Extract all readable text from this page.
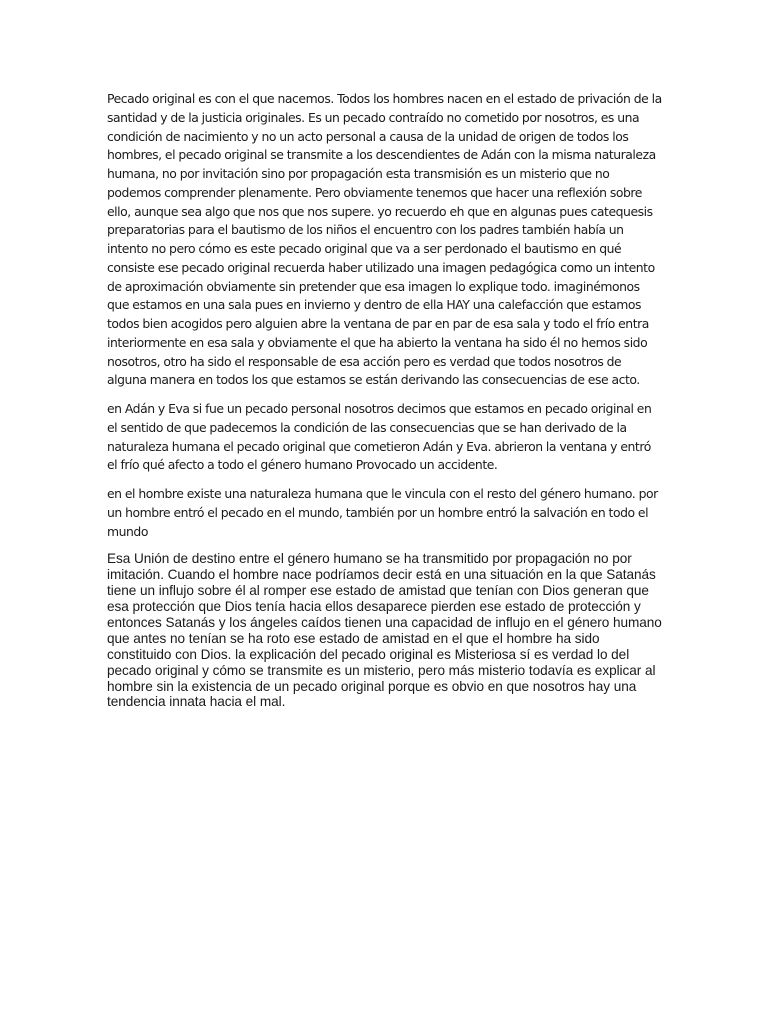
Pecado original es con el que nacemos. Todos los hombres nacen en el estado de privación de la santidad y de la justicia originales. Es un pecado contraído no cometido por nosotros, es una condición de nacimiento y no un acto personal a causa de la unidad de origen de todos los hombres, el pecado original se transmite a los descendientes de Adán con la misma naturaleza humana, no por invitación sino por propagación esta transmisión es un misterio que no podemos comprender plenamente. Pero obviamente tenemos que hacer una reflexión sobre ello, aunque sea algo que nos que nos supere. yo recuerdo eh que en algunas pues catequesis preparatorias para el bautismo de los niños el encuentro con los padres también había un intento no pero cómo es este pecado original que va a ser perdonado el bautismo en qué consiste ese pecado original recuerda haber utilizado una imagen pedagógica como un intento de aproximación obviamente sin pretender que esa imagen lo explique todo. imaginémonos que estamos en una sala pues en invierno y dentro de ella HAY una calefacción que estamos todos bien acogidos pero alguien abre la ventana de par en par de esa sala y todo el frío entra interiormente en esa sala y obviamente el que ha abierto la ventana ha sido él no hemos sido nosotros, otro ha sido el responsable de esa acción pero es verdad que todos nosotros de alguna manera en todos los que estamos se están derivando las consecuencias de ese acto.

en Adán y Eva si fue un pecado personal nosotros decimos que estamos en pecado original en el sentido de que padecemos la condición de las consecuencias que se han derivado de la naturaleza humana el pecado original que cometieron Adán y Eva. abrieron la ventana y entró el frío qué afecto a todo el género humano Provocado un accidente.

en el hombre existe una naturaleza humana que le vincula con el resto del género humano. por un hombre entró el pecado en el mundo, también por un hombre entró la salvación en todo el mundo

Esa Unión de destino entre el género humano se ha transmitido por propagación no por imitación. Cuando el hombre nace podríamos decir está en una situación en la que Satanás tiene un influjo sobre él al romper ese estado de amistad que tenían con Dios generan que esa protección que Dios tenía hacia ellos desaparece pierden ese estado de protección y entonces Satanás y los ángeles caídos tienen una capacidad de influjo en el género humano que antes no tenían se ha roto ese estado de amistad en el que el hombre ha sido constituido con Dios. la explicación del pecado original es Misteriosa sí es verdad lo del pecado original y cómo se transmite es un misterio, pero más misterio todavía es explicar al hombre sin la existencia de un pecado original porque es obvio en que nosotros hay una tendencia innata hacia el mal.
